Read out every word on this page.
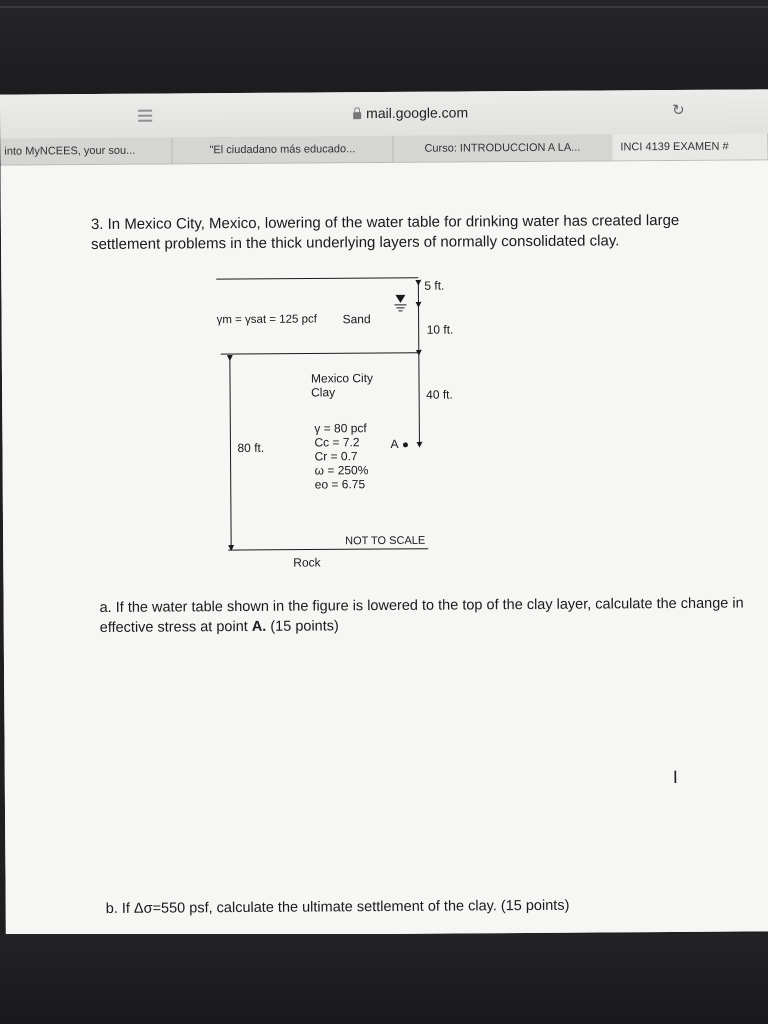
mail.google.com	↻
into MyNCEES, your sou...	"El ciudadano más educado...	Curso: INTRODUCCION A LA...	INCI 4139 EXAMEN #
3. In Mexico City, Mexico, lowering of the water table for drinking water has created large settlement problems in the thick underlying layers of normally consolidated clay.
5 ft.
10 ft.
40 ft.
80 ft.
γm = γsat = 125 pcf Sand
Mexico City
Clay
γ = 80 pcf
Cc = 7.2
Cr = 0.7
ω = 250%
eo = 6.75
A
NOT TO SCALE
Rock
a. If the water table shown in the figure is lowered to the top of the clay layer, calculate the change in effective stress at point A. (15 points)
I
b. If Δσ=550 psf, calculate the ultimate settlement of the clay. (15 points)
